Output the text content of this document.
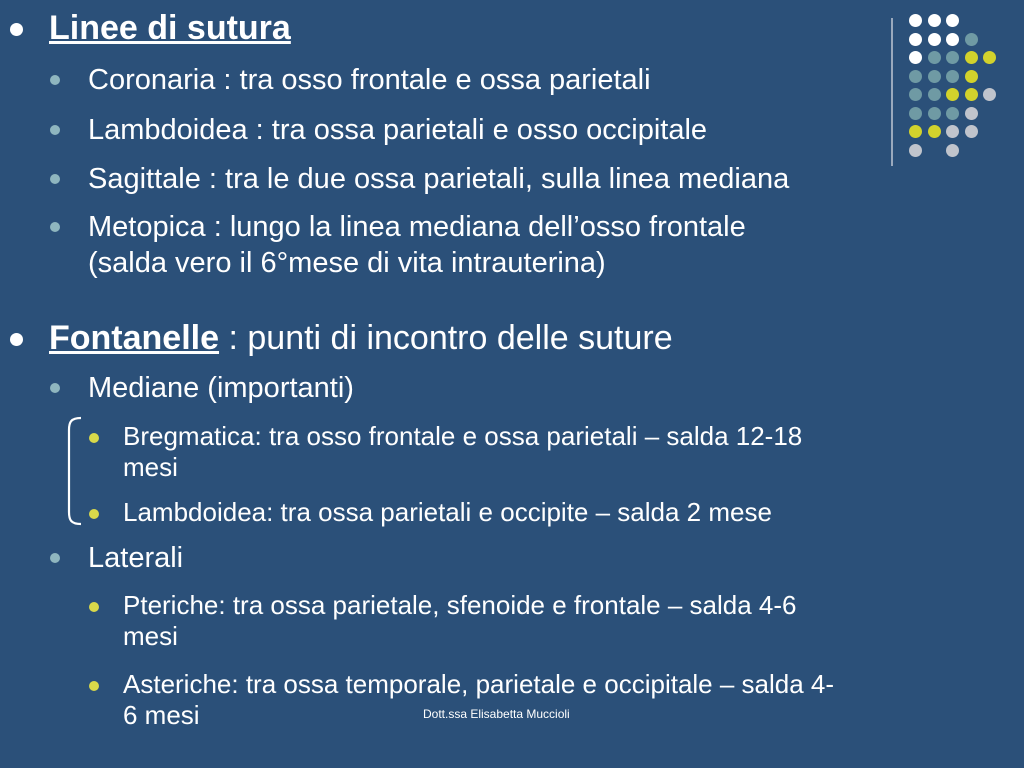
Linee di sutura
Coronaria : tra osso frontale e ossa parietali
Lambdoidea : tra ossa parietali e osso occipitale
Sagittale : tra le due ossa parietali, sulla linea mediana
Metopica : lungo la linea mediana dell’osso frontale
(salda vero il 6°mese di vita intrauterina)
Fontanelle : punti di incontro delle suture
Mediane (importanti)
Bregmatica: tra osso frontale e ossa parietali – salda 12-18
mesi
Lambdoidea: tra ossa parietali e occipite – salda 2 mese
Laterali
Pteriche: tra ossa parietale, sfenoide e frontale – salda 4-6
mesi
Asteriche: tra ossa temporale, parietale e occipitale – salda 4-
6 mesi	Dott.ssa Elisabetta Muccioli
